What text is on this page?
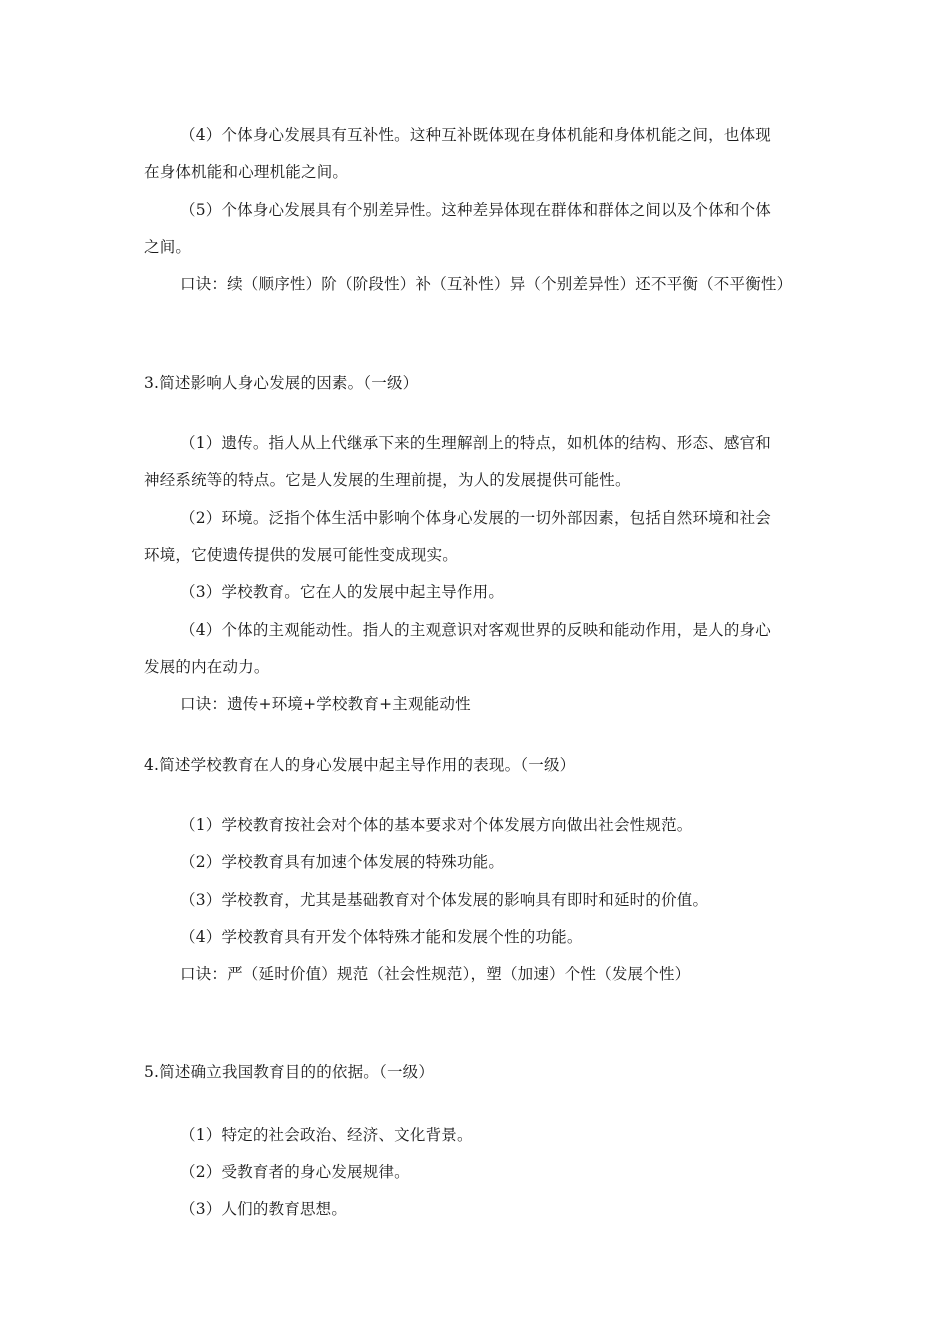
（4）个体身心发展具有互补性。这种互补既体现在身体机能和身体机能之间，也体现
在身体机能和心理机能之间。
（5）个体身心发展具有个别差异性。这种差异体现在群体和群体之间以及个体和个体
之间。
口诀：续（顺序性）阶（阶段性）补（互补性）异（个别差异性）还不平衡（不平衡性）
3.简述影响人身心发展的因素。（一级）
（1）遗传。指人从上代继承下来的生理解剖上的特点，如机体的结构、形态、感官和
神经系统等的特点。它是人发展的生理前提，为人的发展提供可能性。
（2）环境。泛指个体生活中影响个体身心发展的一切外部因素，包括自然环境和社会
环境，它使遗传提供的发展可能性变成现实。
（3）学校教育。它在人的发展中起主导作用。
（4）个体的主观能动性。指人的主观意识对客观世界的反映和能动作用，是人的身心
发展的内在动力。
口诀：遗传+环境+学校教育+主观能动性
4.简述学校教育在人的身心发展中起主导作用的表现。（一级）
（1）学校教育按社会对个体的基本要求对个体发展方向做出社会性规范。
（2）学校教育具有加速个体发展的特殊功能。
（3）学校教育，尤其是基础教育对个体发展的影响具有即时和延时的价值。
（4）学校教育具有开发个体特殊才能和发展个性的功能。
口诀：严（延时价值）规范（社会性规范），塑（加速）个性（发展个性）
5.简述确立我国教育目的的依据。（一级）
（1）特定的社会政治、经济、文化背景。
（2）受教育者的身心发展规律。
（3）人们的教育思想。
